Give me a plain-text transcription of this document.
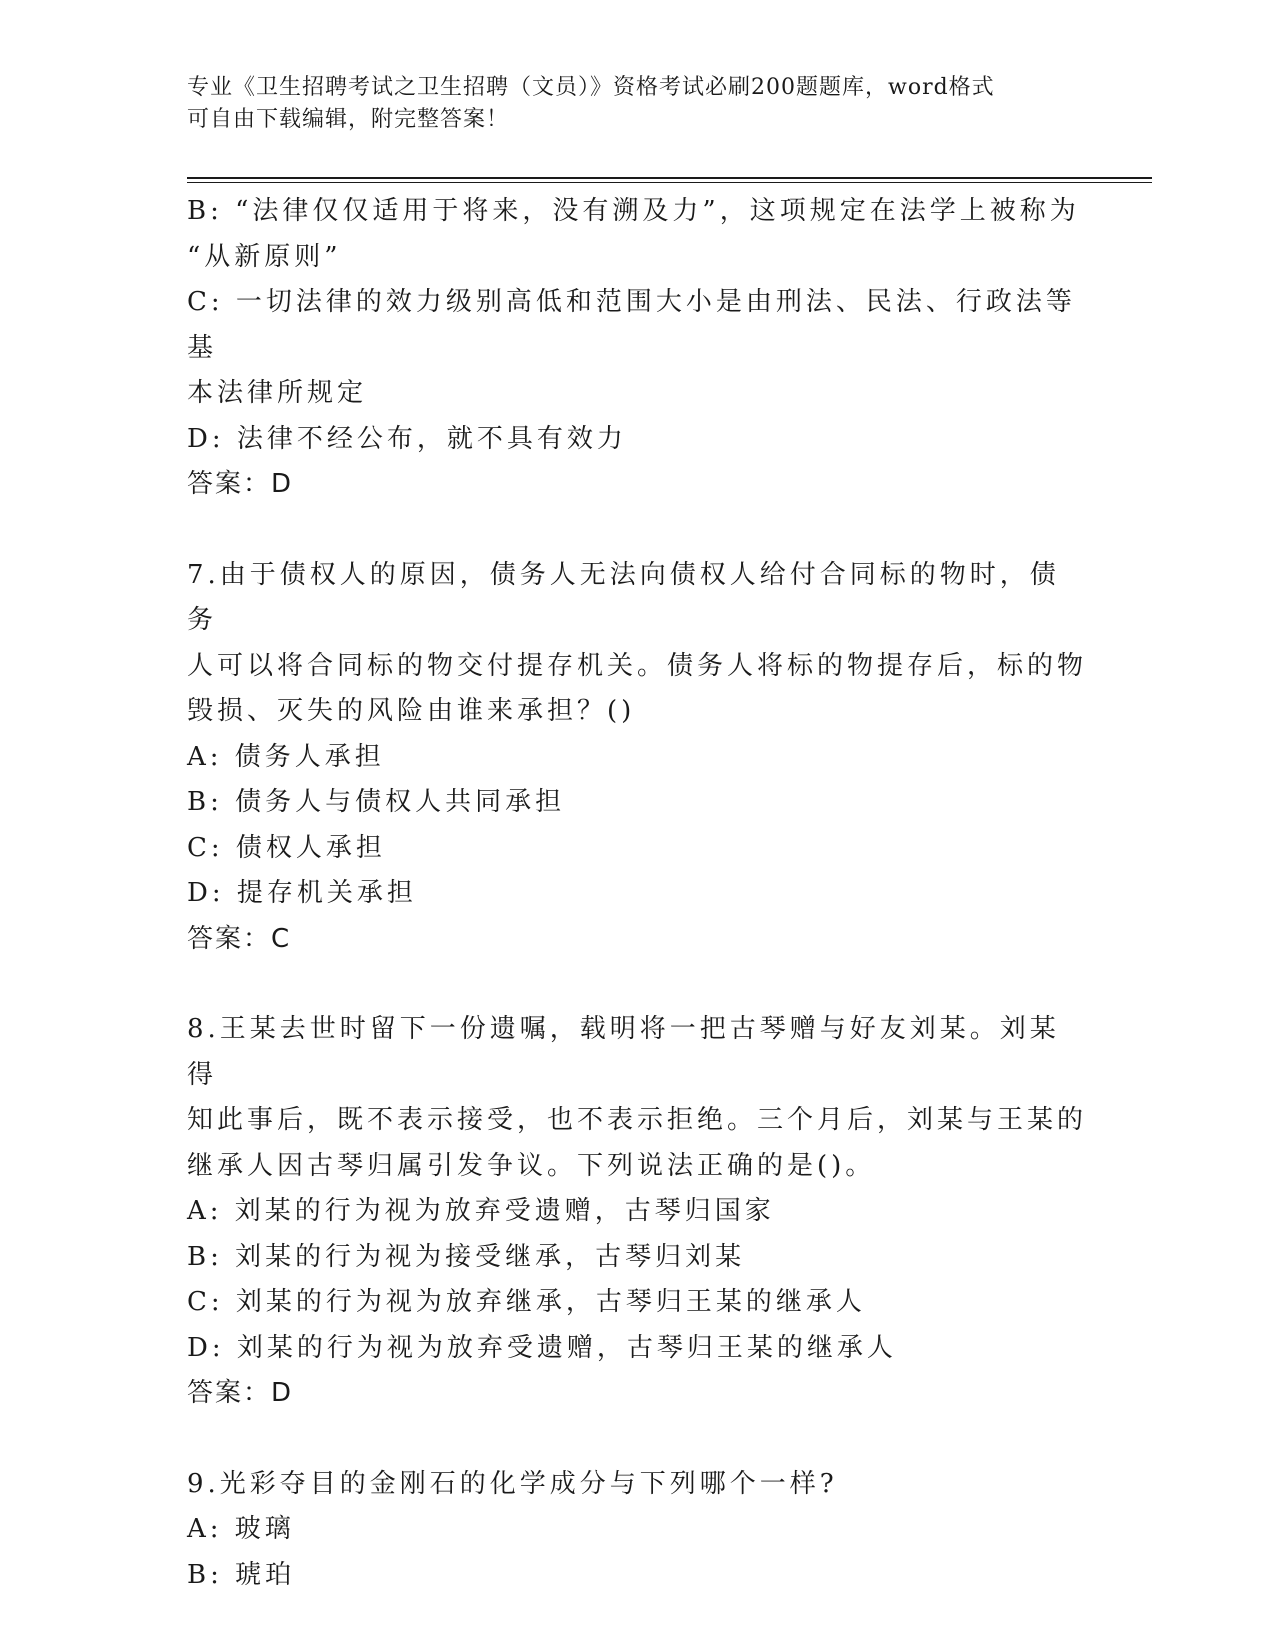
专业《卫生招聘考试之卫生招聘（文员）》资格考试必刷200题题库，word格式
可自由下载编辑，附完整答案！
B: “法律仅仅适用于将来，没有溯及力”，这项规定在法学上被称为
“从新原则”
C: 一切法律的效力级别高低和范围大小是由刑法、民法、行政法等基
本法律所规定
D: 法律不经公布，就不具有效力
答案：D
7.由于债权人的原因，债务人无法向债权人给付合同标的物时，债务
人可以将合同标的物交付提存机关。债务人将标的物提存后，标的物
毁损、灭失的风险由谁来承担？()
A: 债务人承担
B: 债务人与债权人共同承担
C: 债权人承担
D: 提存机关承担
答案：C
8.王某去世时留下一份遗嘱，载明将一把古琴赠与好友刘某。刘某得
知此事后，既不表示接受，也不表示拒绝。三个月后，刘某与王某的
继承人因古琴归属引发争议。下列说法正确的是()。
A: 刘某的行为视为放弃受遗赠，古琴归国家
B: 刘某的行为视为接受继承，古琴归刘某
C: 刘某的行为视为放弃继承，古琴归王某的继承人
D: 刘某的行为视为放弃受遗赠，古琴归王某的继承人
答案：D
9.光彩夺目的金刚石的化学成分与下列哪个一样?
A: 玻璃
B: 琥珀
